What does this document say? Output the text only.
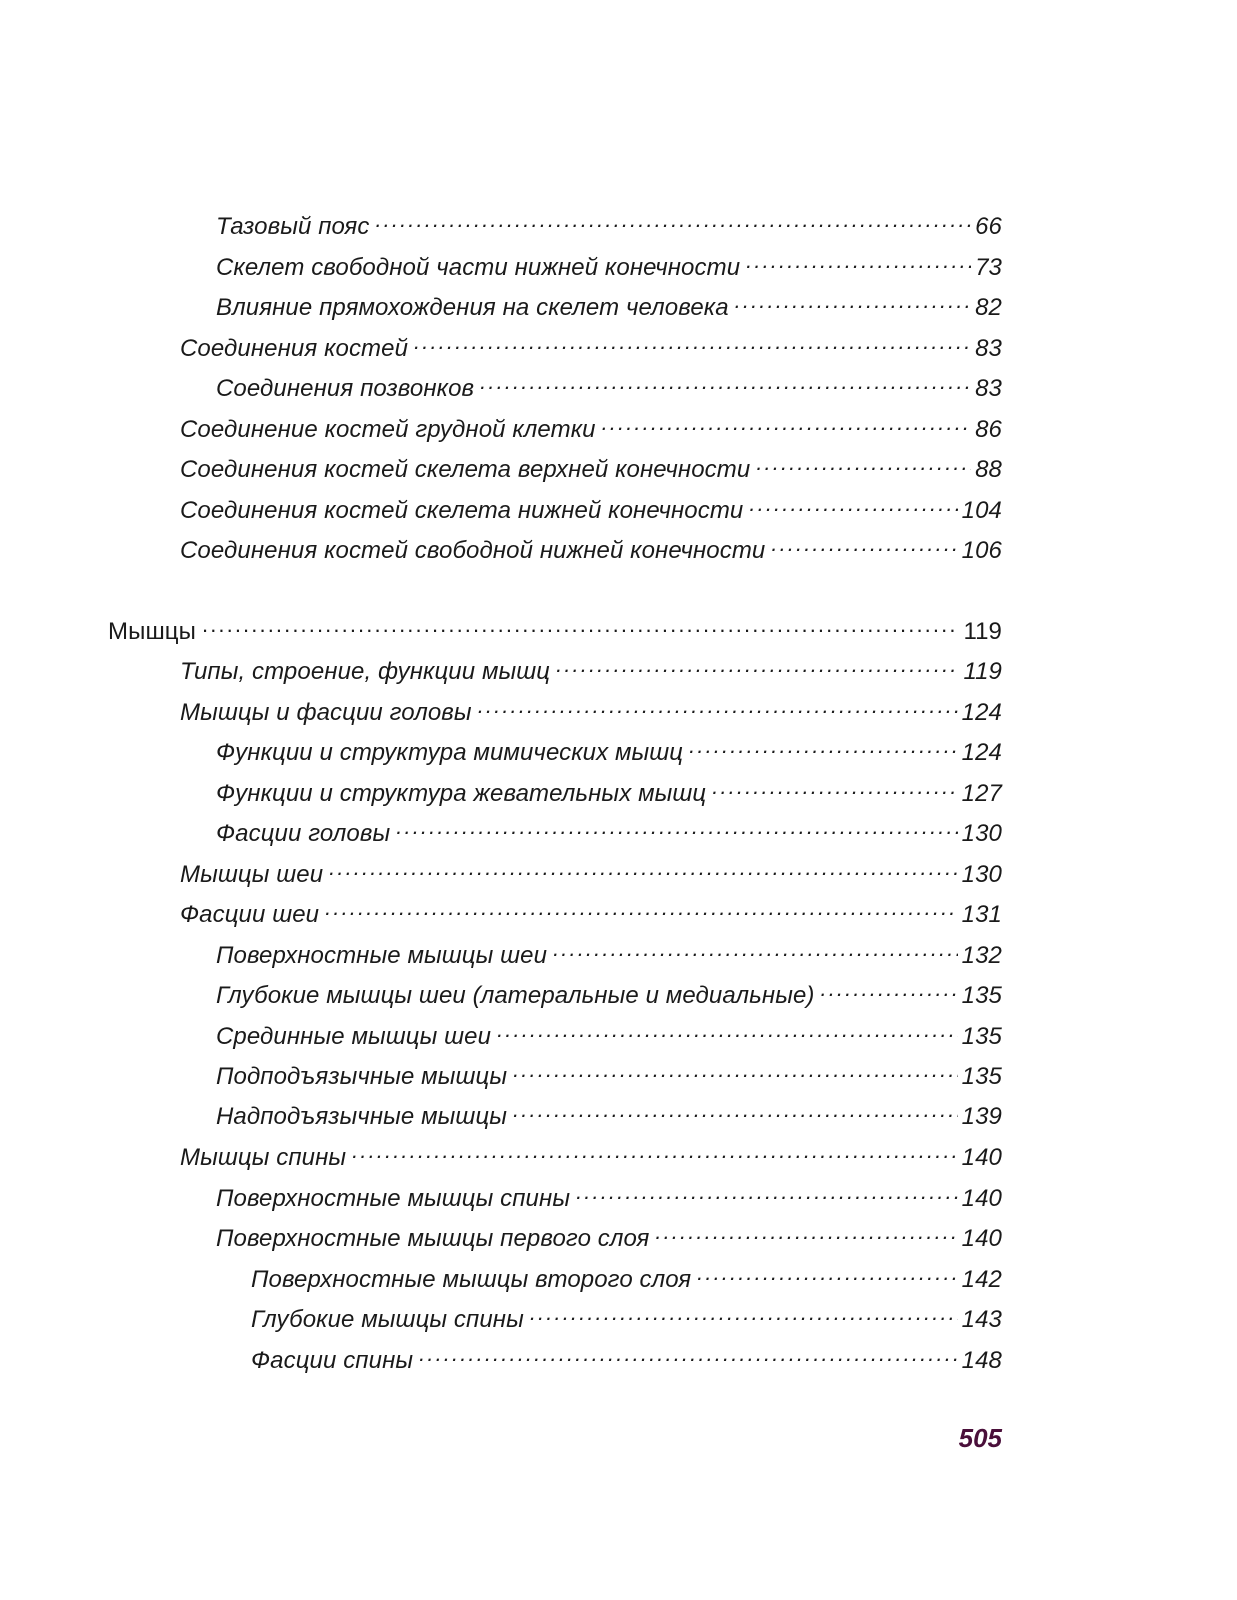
Тазовый пояс .....	66
Скелет свободной части нижней конечности .....	73
Влияние прямохождения на скелет человека .....	82
Соединения костей .....	83
Соединения позвонков .....	83
Соединение костей грудной клетки .....	86
Соединения костей скелета верхней конечности .....	88
Соединения костей скелета нижней конечности .....	104
Соединения костей свободной нижней конечности .....	106
Мышцы .....	119
Типы, строение, функции мышц .....	119
Мышцы и фасции головы .....	124
Функции и структура мимических мышц .....	124
Функции и структура жевательных мышц .....	127
Фасции головы .....	130
Мышцы шеи .....	130
Фасции шеи .....	131
Поверхностные мышцы шеи .....	132
Глубокие мышцы шеи (латеральные и медиальные) .....	135
Срединные мышцы шеи .....	135
Подподъязычные мышцы .....	135
Надподъязычные мышцы .....	139
Мышцы спины .....	140
Поверхностные мышцы спины .....	140
Поверхностные мышцы первого слоя .....	140
Поверхностные мышцы второго слоя .....	142
Глубокие мышцы спины .....	143
Фасции спины .....	148
505
